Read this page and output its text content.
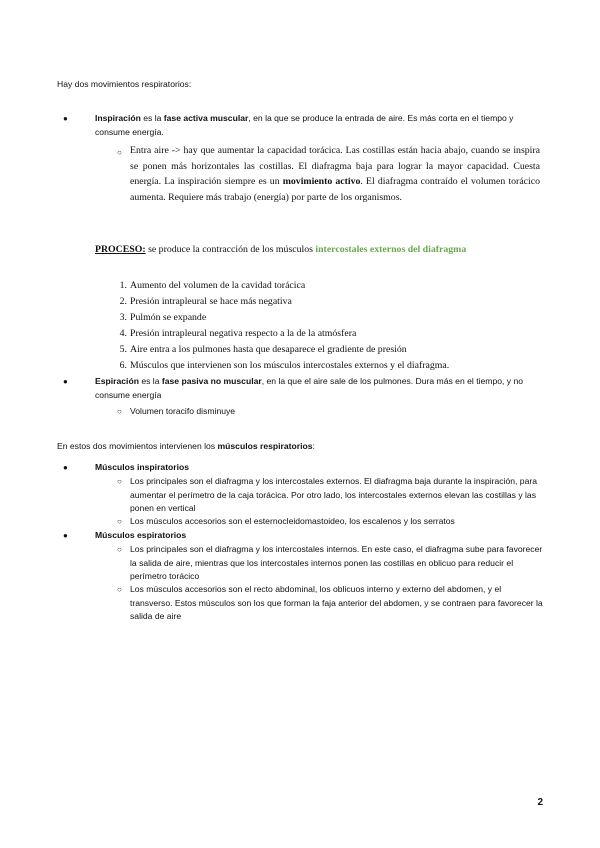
Hay dos movimientos respiratorios:
●	Inspiración es la fase activa muscular, en la que se produce la entrada de aire. Es más corta en el tiempo y consume energía.
○ Entra aire -> hay que aumentar la capacidad torácica. Las costillas están hacia abajo, cuando se inspira se ponen más horizontales las costillas. El diafragma baja para lograr la mayor capacidad. Cuesta energía. La inspiración siempre es un movimiento activo. El diafragma contraído el volumen torácico aumenta. Requiere más trabajo (energía) por parte de los organismos.
PROCESO: se produce la contracción de los músculos intercostales externos del diafragma
1. Aumento del volumen de la cavidad torácica
2. Presión intrapleural se hace más negativa
3. Pulmón se expande
4. Presión intrapleural negativa respecto a la de la atmósfera
5. Aire entra a los pulmones hasta que desaparece el gradiente de presión
6. Músculos que intervienen son los músculos intercostales externos y el diafragma.
●	Espiración es la fase pasiva no muscular, en la que el aire sale de los pulmones. Dura más en el tiempo, y no consume energía
○ Volumen toracifo disminuye
En estos dos movimientos intervienen los músculos respiratorios:
●	Músculos inspiratorios
○ Los principales son el diafragma y los intercostales externos. El diafragma baja durante la inspiración, para aumentar el perímetro de la caja torácica. Por otro lado, los intercostales externos elevan las costillas y las ponen en vertical
○ Los músculos accesorios son el esternocleidomastoideo, los escalenos y los serratos
●	Músculos espiratorios
○ Los principales son el diafragma y los intercostales internos. En este caso, el diafragma sube para favorecer la salida de aire, mientras que los intercostales internos ponen las costillas en oblicuo para reducir el perímetro torácico
○ Los músculos accesorios son el recto abdominal, los oblicuos interno y externo del abdomen, y el transverso. Estos músculos son los que forman la faja anterior del abdomen, y se contraen para favorecer la salida de aire
2
